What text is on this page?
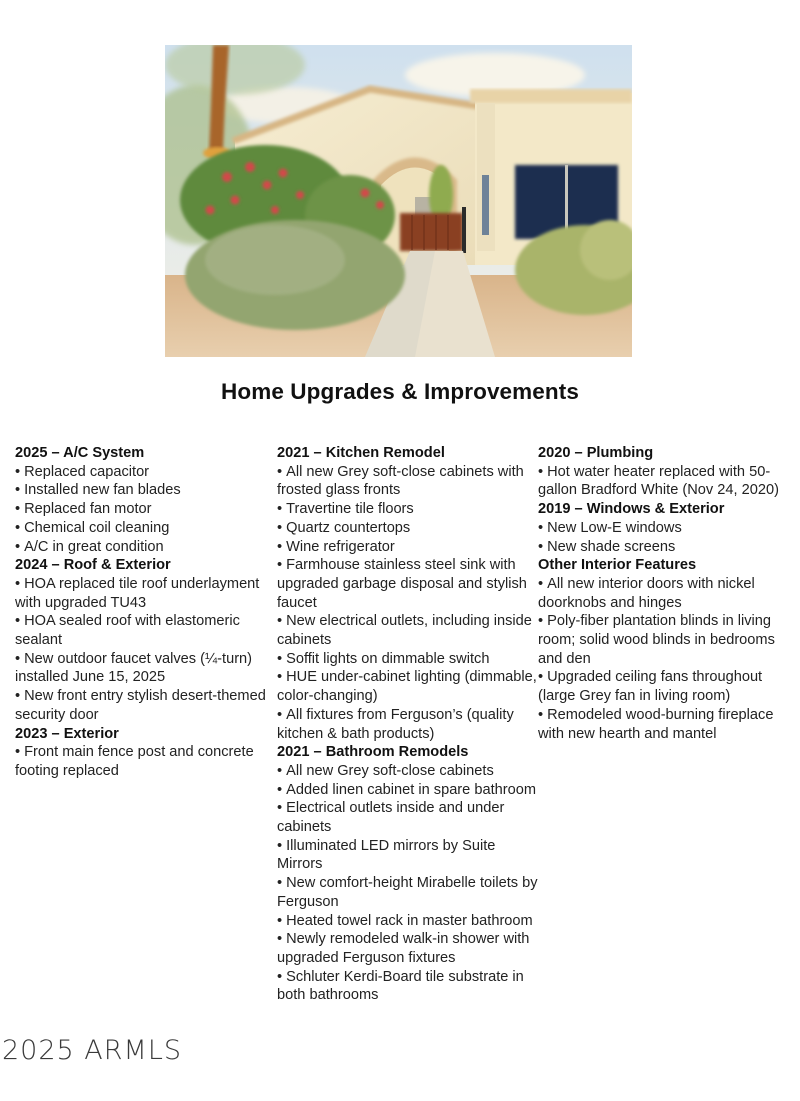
Home Upgrades & Improvements
2025 – A/C System
• Replaced capacitor
• Installed new fan blades
• Replaced fan motor
• Chemical coil cleaning
• A/C in great condition
2024 – Roof & Exterior
• HOA replaced tile roof underlayment with upgraded TU43
• HOA sealed roof with elastomeric sealant
• New outdoor faucet valves (¼-turn) installed June 15, 2025
• New front entry stylish desert-themed security door
2023 – Exterior
• Front main fence post and concrete footing replaced
2021 – Kitchen Remodel
• All new Grey soft-close cabinets with frosted glass fronts
• Travertine tile floors
• Quartz countertops
• Wine refrigerator
• Farmhouse stainless steel sink with upgraded garbage disposal and stylish faucet
• New electrical outlets, including inside cabinets
• Soffit lights on dimmable switch
• HUE under-cabinet lighting (dimmable, color-changing)
• All fixtures from Ferguson’s (quality kitchen & bath products)
2021 – Bathroom Remodels
• All new Grey soft-close cabinets
• Added linen cabinet in spare bathroom
• Electrical outlets inside and under cabinets
• Illuminated LED mirrors by Suite Mirrors
• New comfort-height Mirabelle toilets by Ferguson
• Heated towel rack in master bathroom
• Newly remodeled walk-in shower with upgraded Ferguson fixtures
• Schluter Kerdi-Board tile substrate in both bathrooms
2020 – Plumbing
• Hot water heater replaced with 50-gallon Bradford White (Nov 24, 2020)
2019 – Windows & Exterior
• New Low-E windows
• New shade screens
Other Interior Features
• All new interior doors with nickel doorknobs and hinges
• Poly-fiber plantation blinds in living room; solid wood blinds in bedrooms and den
• Upgraded ceiling fans throughout (large Grey fan in living room)
• Remodeled wood-burning fireplace with new hearth and mantel
2025 ARMLS
